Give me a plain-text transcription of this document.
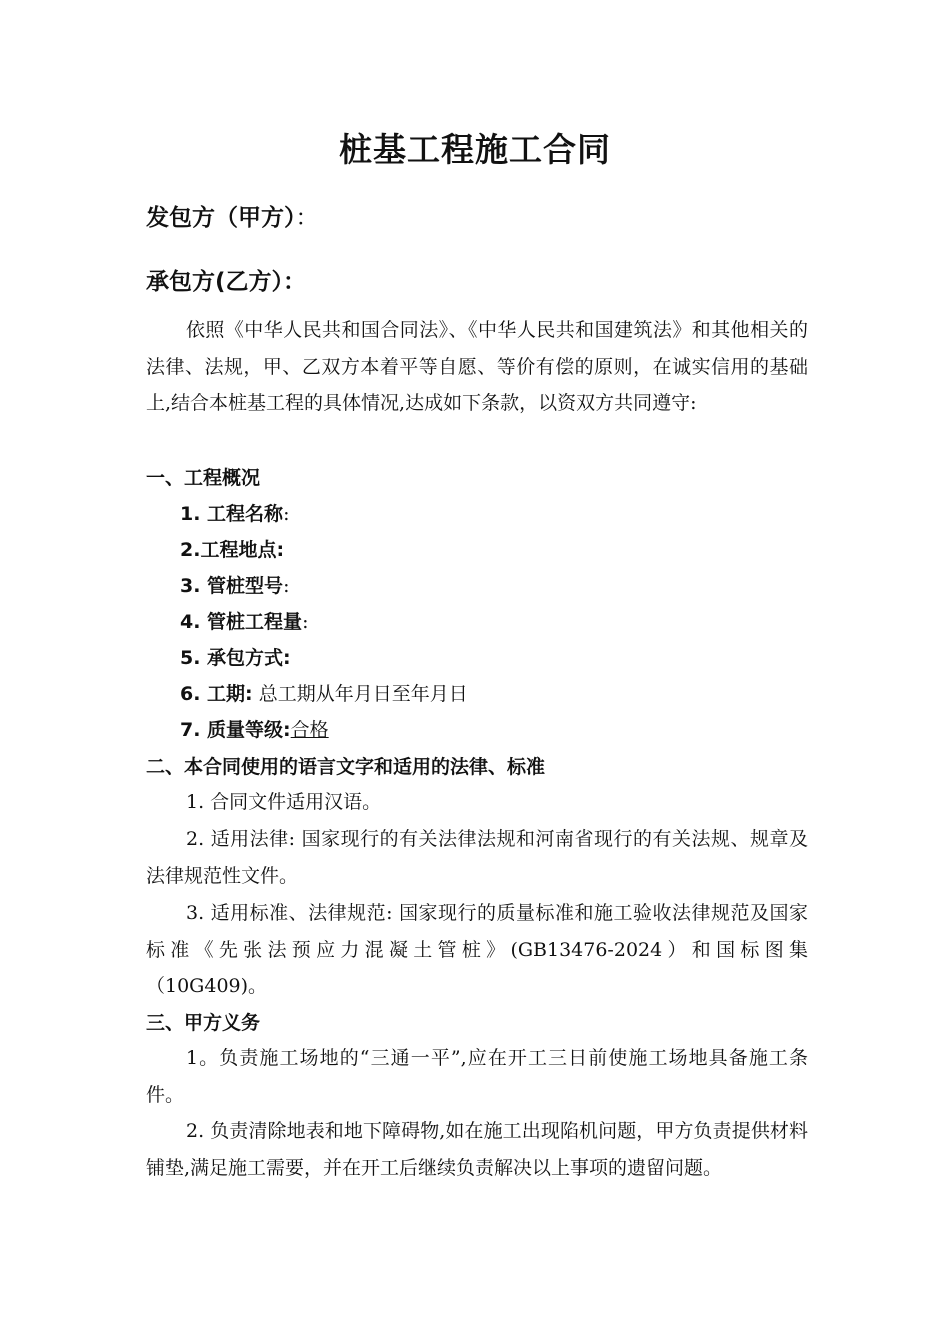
桩基工程施工合同
发包方（甲方）：
承包方(乙方）：

依照《中华人民共和国合同法》、《中华人民共和国建筑法》和其他相关的法律、法规，甲、乙双方本着平等自愿、等价有偿的原则，在诚实信用的基础上,结合本桩基工程的具体情况,达成如下条款，以资双方共同遵守:

一、工程概况
1. 工程名称:
2.工程地点:
3. 管桩型号:
4. 管桩工程量:
5. 承包方式:
6. 工期: 总工期从年月日至年月日
7. 质量等级:合格
二、本合同使用的语言文字和适用的法律、标准

1. 合同文件适用汉语。

2. 适用法律: 国家现行的有关法律法规和河南省现行的有关法规、规章及法律规范性文件。

3. 适用标准、法律规范: 国家现行的质量标准和施工验收法律规范及国家标准《先张法预应力混凝土管桩》(GB13476-2024）和国标图集（10G409)。

三、甲方义务

1。负责施工场地的“三通一平”,应在开工三日前使施工场地具备施工条件。

2. 负责清除地表和地下障碍物,如在施工出现陷机问题，甲方负责提供材料铺垫,满足施工需要，并在开工后继续负责解决以上事项的遗留问题。
